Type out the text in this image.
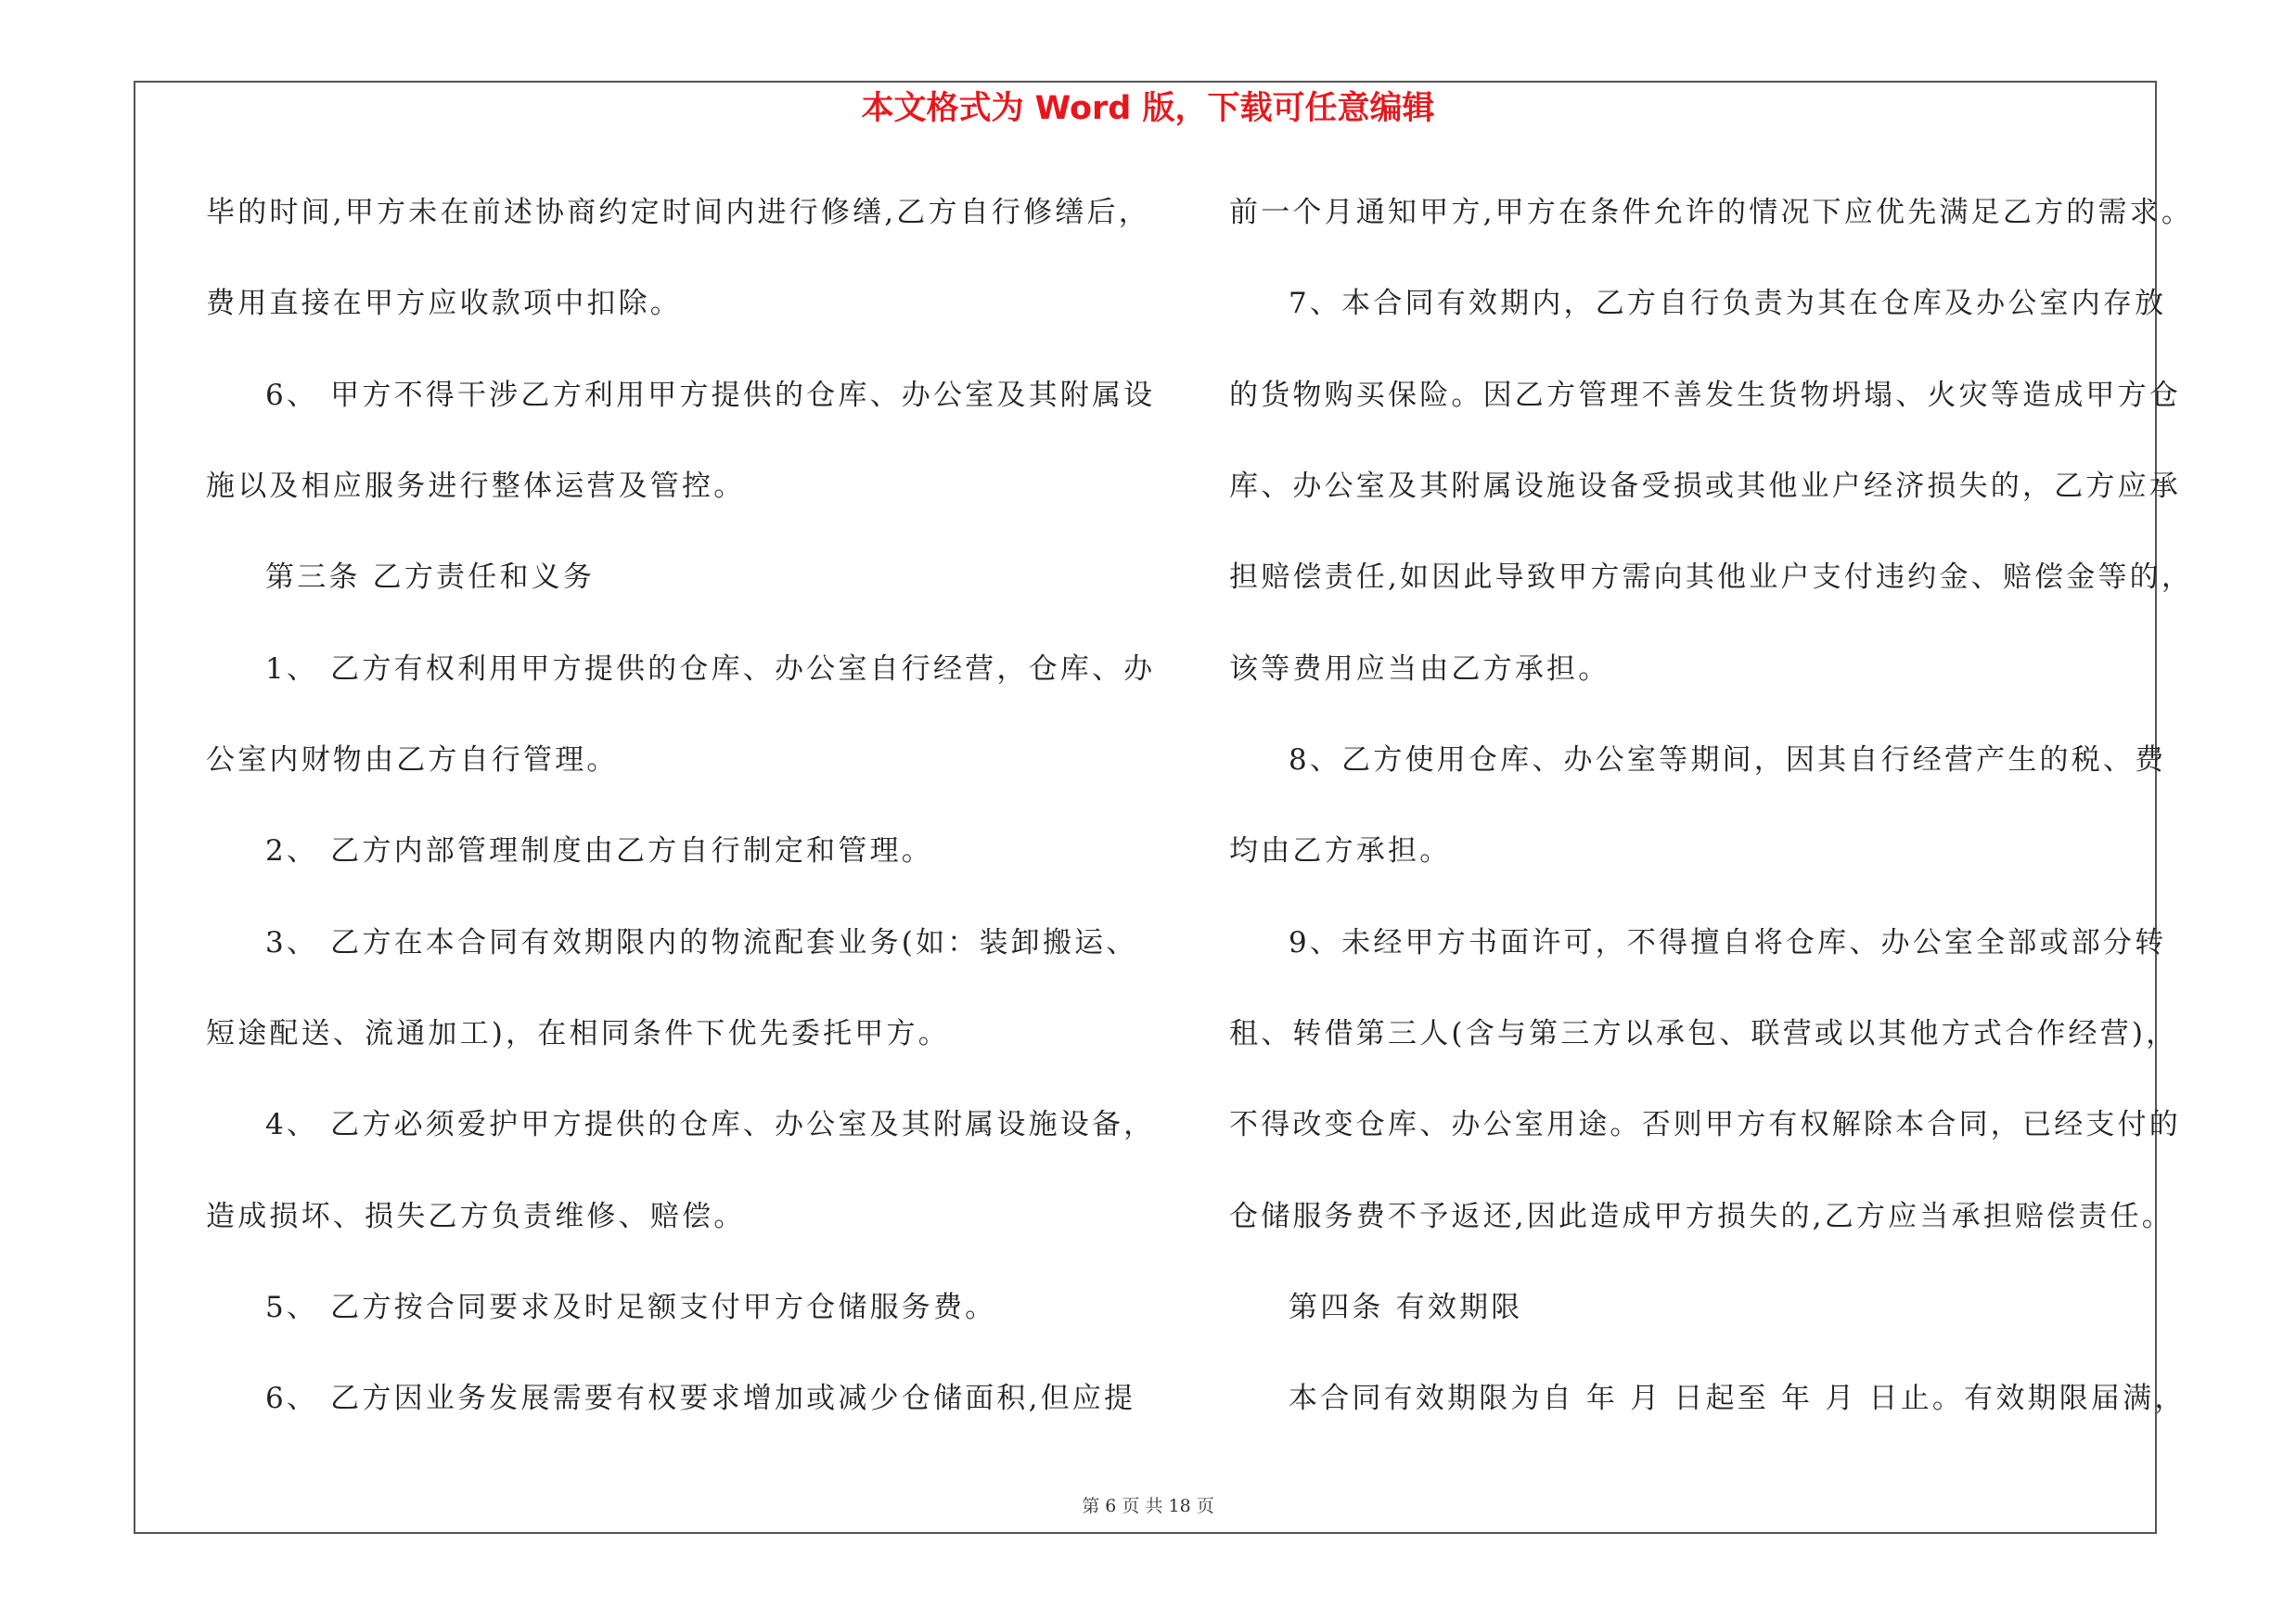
本文格式为 Word 版，下载可任意编辑
毕的时间,甲方未在前述协商约定时间内进行修缮,乙方自行修缮后，
费用直接在甲方应收款项中扣除。
6、 甲方不得干涉乙方利用甲方提供的仓库、办公室及其附属设
施以及相应服务进行整体运营及管控。
第三条 乙方责任和义务
1、 乙方有权利用甲方提供的仓库、办公室自行经营，仓库、办
公室内财物由乙方自行管理。
2、 乙方内部管理制度由乙方自行制定和管理。
3、 乙方在本合同有效期限内的物流配套业务(如：装卸搬运、
短途配送、流通加工)，在相同条件下优先委托甲方。
4、 乙方必须爱护甲方提供的仓库、办公室及其附属设施设备，
造成损坏、损失乙方负责维修、赔偿。
5、 乙方按合同要求及时足额支付甲方仓储服务费。
6、 乙方因业务发展需要有权要求增加或减少仓储面积,但应提
前一个月通知甲方,甲方在条件允许的情况下应优先满足乙方的需求。
7、本合同有效期内，乙方自行负责为其在仓库及办公室内存放
的货物购买保险。因乙方管理不善发生货物坍塌、火灾等造成甲方仓
库、办公室及其附属设施设备受损或其他业户经济损失的，乙方应承
担赔偿责任,如因此导致甲方需向其他业户支付违约金、赔偿金等的，
该等费用应当由乙方承担。
8、乙方使用仓库、办公室等期间，因其自行经营产生的税、费
均由乙方承担。
9、未经甲方书面许可，不得擅自将仓库、办公室全部或部分转
租、转借第三人(含与第三方以承包、联营或以其他方式合作经营)，
不得改变仓库、办公室用途。否则甲方有权解除本合同，已经支付的
仓储服务费不予返还,因此造成甲方损失的,乙方应当承担赔偿责任。
第四条 有效期限
本合同有效期限为自 年 月 日起至 年 月 日止。有效期限届满，
第 6 页 共 18 页
